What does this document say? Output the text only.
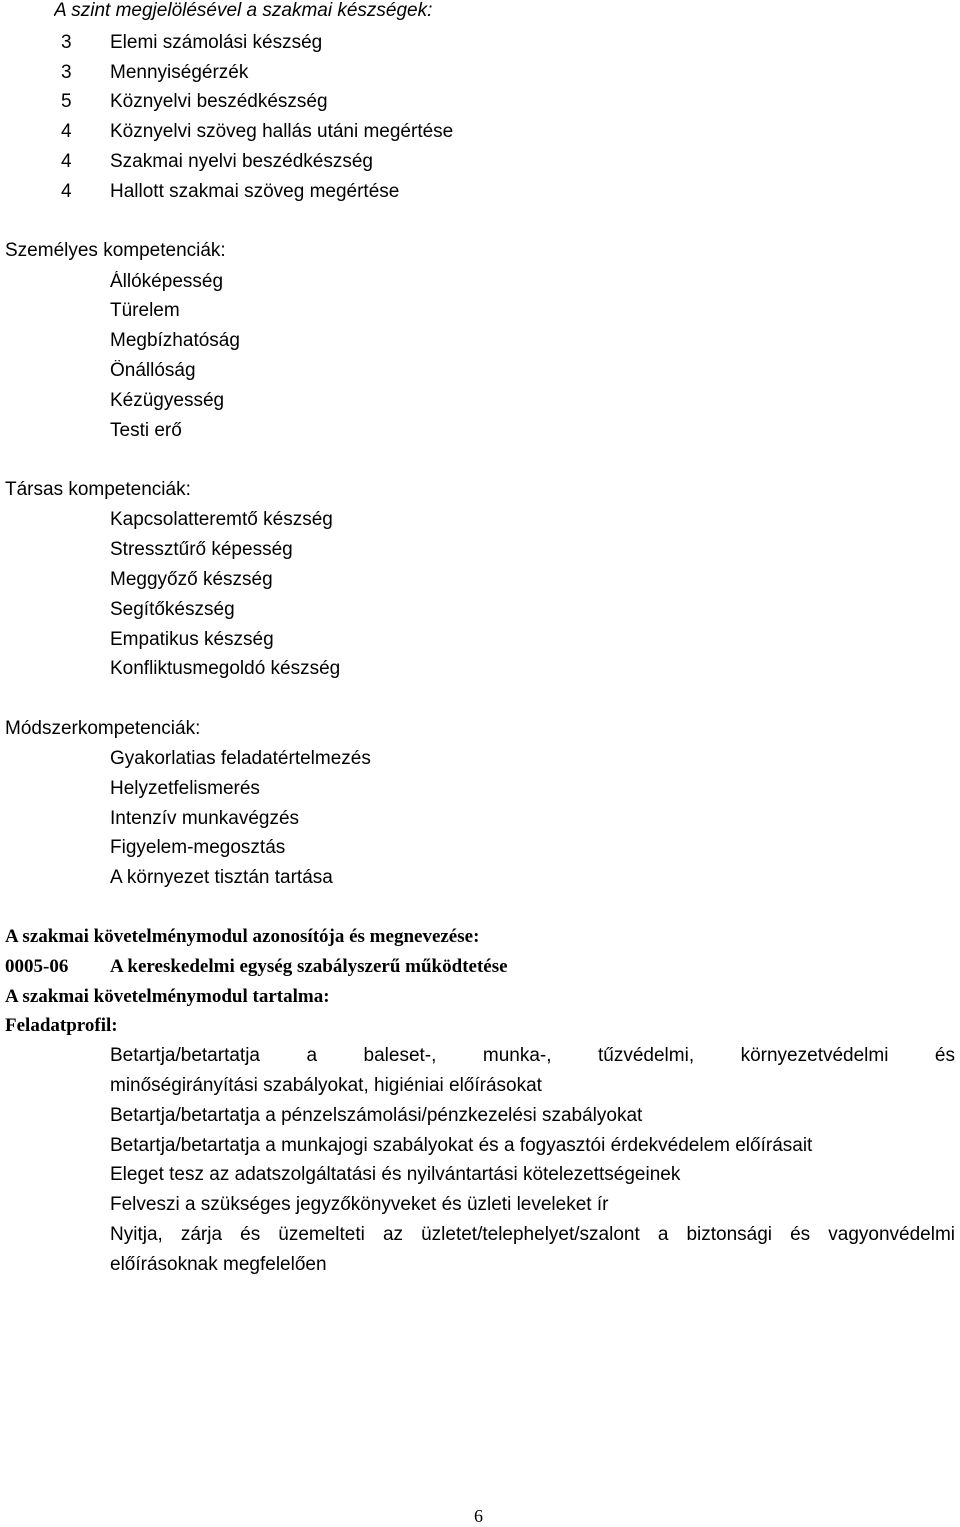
A szint megjelölésével a szakmai készségek:
3	Elemi számolási készség
3	Mennyiségérzék
5	Köznyelvi beszédkészség
4	Köznyelvi szöveg hallás utáni megértése
4	Szakmai nyelvi beszédkészség
4	Hallott szakmai szöveg megértése
Személyes kompetenciák:
Állóképesség
Türelem
Megbízhatóság
Önállóság
Kézügyesség
Testi erő
Társas kompetenciák:
Kapcsolatteremtő készség
Stressztűrő képesség
Meggyőző készség
Segítőkészség
Empatikus készség
Konfliktusmegoldó készség
Módszerkompetenciák:
Gyakorlatias feladatértelmezés
Helyzetfelismerés
Intenzív munkavégzés
Figyelem-megosztás
A környezet tisztán tartása
A szakmai követelménymodul azonosítója és megnevezése:
0005-06 A kereskedelmi egység szabályszerű működtetése
A szakmai követelménymodul tartalma:
Feladatprofil:
Betartja/betartatja a baleset-, munka-, tűzvédelmi, környezetvédelmi és
minőségirányítási szabályokat, higiéniai előírásokat
Betartja/betartatja a pénzelszámolási/pénzkezelési szabályokat
Betartja/betartatja a munkajogi szabályokat és a fogyasztói érdekvédelem előírásait
Eleget tesz az adatszolgáltatási és nyilvántartási kötelezettségeinek
Felveszi a szükséges jegyzőkönyveket és üzleti leveleket ír
Nyitja, zárja és üzemelteti az üzletet/telephelyet/szalont a biztonsági és vagyonvédelmi
előírásoknak megfelelően
6
